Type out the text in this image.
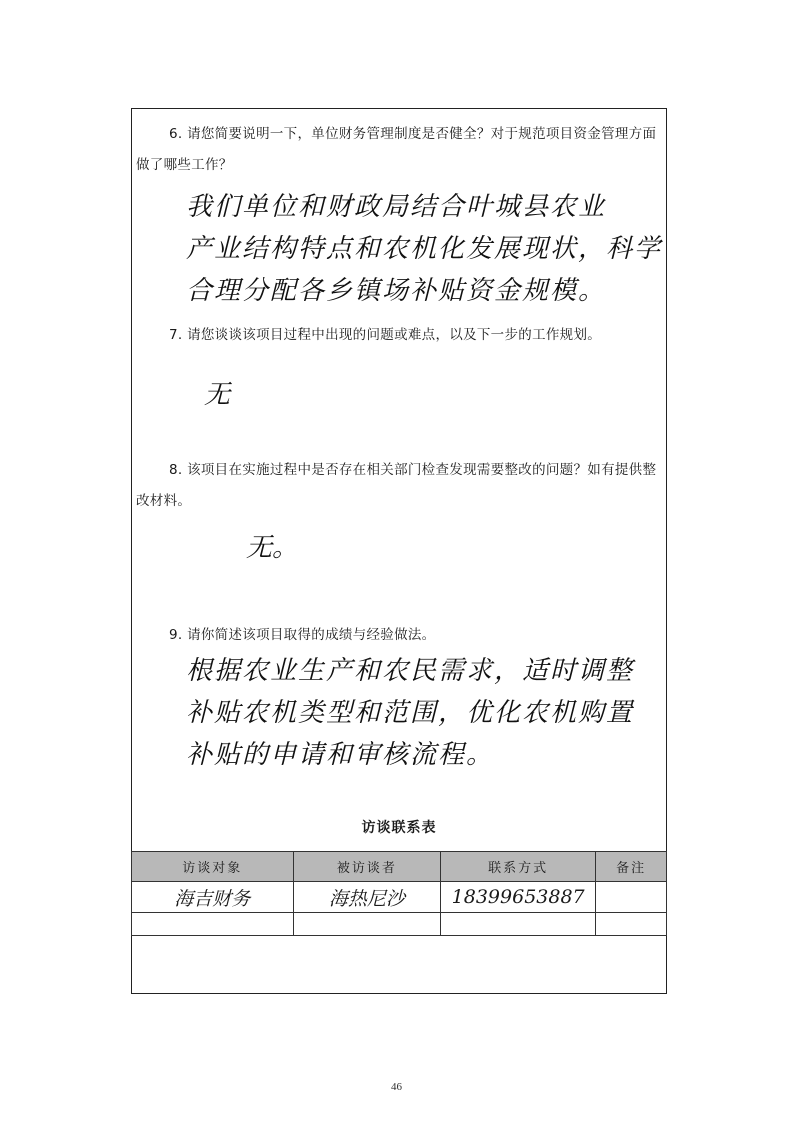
6. 请您简要说明一下，单位财务管理制度是否健全？对于规范项目资金管理方面做了哪些工作？
我们单位和财政局结合叶城县农业
产业结构特点和农机化发展现状，科学
合理分配各乡镇场补贴资金规模。
7. 请您谈谈该项目过程中出现的问题或难点，以及下一步的工作规划。
无
8. 该项目在实施过程中是否存在相关部门检查发现需要整改的问题？如有提供整改材料。
无。
9. 请你简述该项目取得的成绩与经验做法。
根据农业生产和农民需求，适时调整
补贴农机类型和范围，优化农机购置
补贴的申请和审核流程。
访谈联系表
访谈对象	被访谈者	联系方式	备注
海吉财务	海热尼沙	18399653887	

46
